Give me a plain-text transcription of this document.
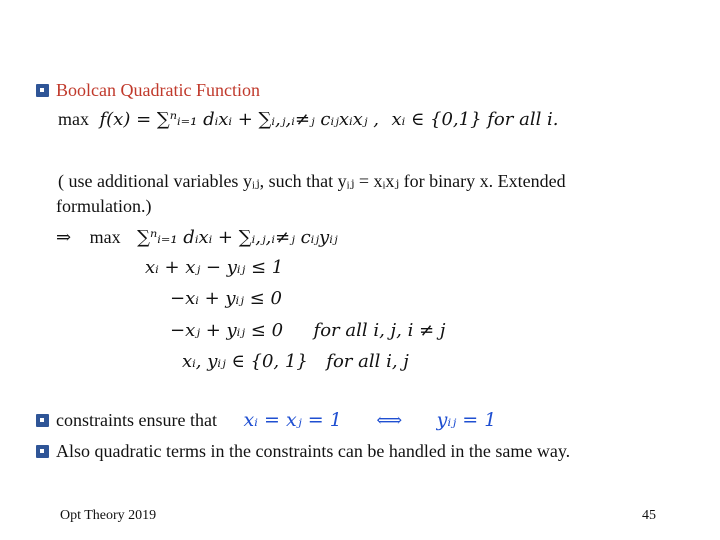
Boolcan Quadratic Function
max f(x) = ∑ⁿᵢ₌₁ dᵢxᵢ + ∑ᵢ,ⱼ,ᵢ≠ⱼ cᵢⱼxᵢxⱼ , xᵢ ∈ {0,1} for all i.
( use additional variables yᵢⱼ, such that yᵢⱼ = xᵢxⱼ for binary x. Extended
formulation.)
⇒ max ∑ⁿᵢ₌₁ dᵢxᵢ + ∑ᵢ,ⱼ,ᵢ≠ⱼ cᵢⱼyᵢⱼ
xᵢ + xⱼ − yᵢⱼ ≤ 1
−xᵢ + yᵢⱼ ≤ 0
−xⱼ + yᵢⱼ ≤ 0 for all i, j, i ≠ j
xᵢ, yᵢⱼ ∈ {0, 1} for all i, j
constraints ensure that xᵢ = xⱼ = 1 ⟺ yᵢⱼ = 1
Also quadratic terms in the constraints can be handled in the same way.
Opt Theory 2019	45
